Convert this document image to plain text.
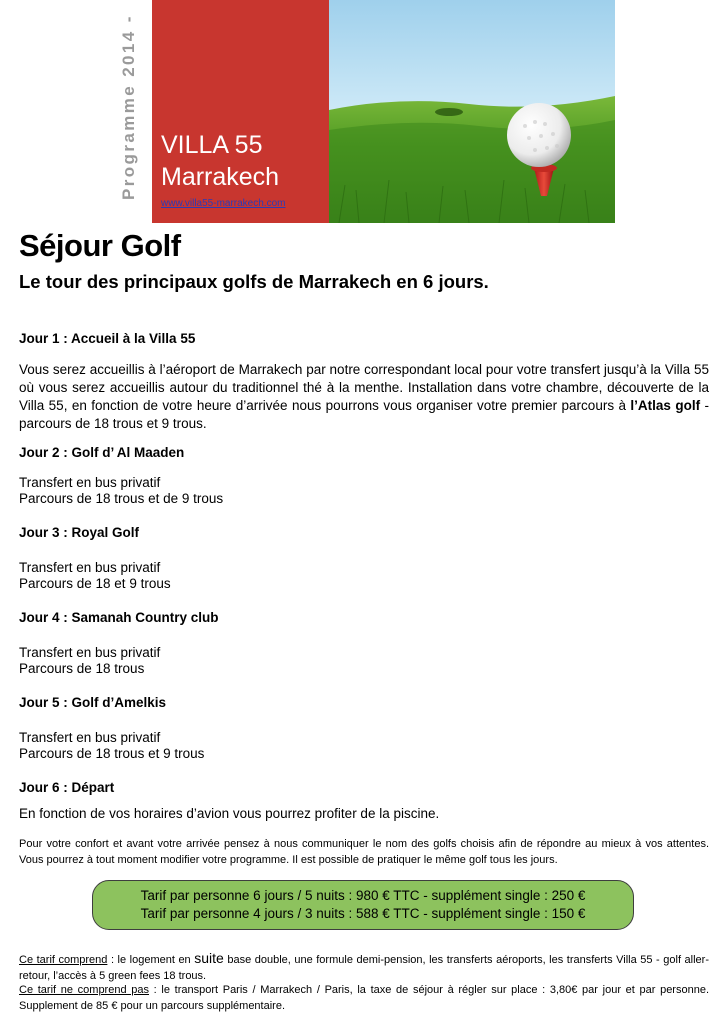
Programme 2014 - VILLA 55
Marrakech
www.villa55-marrakech.com
Séjour Golf
Le tour des principaux golfs de Marrakech en 6 jours.
Jour 1 : Accueil à la Villa 55
Vous serez accueillis à l’aéroport de Marrakech par notre correspondant local pour votre transfert jusqu’à la Villa 55 où vous serez accueillis autour du traditionnel thé à la menthe. Installation dans votre chambre, découverte de la Villa 55, en fonction de votre heure d’arrivée nous pourrons vous organiser votre premier parcours à l’Atlas golf - parcours de 18 trous et 9 trous.
Jour 2 : Golf d’ Al Maaden
Transfert en bus privatif
Parcours de 18 trous et de 9 trous
Jour 3 : Royal Golf
Transfert en bus privatif
Parcours de 18 et 9 trous
Jour 4 : Samanah Country club
Transfert en bus privatif
Parcours de 18 trous
Jour 5 : Golf d’Amelkis
Transfert en bus privatif
Parcours de 18 trous et 9 trous
Jour 6 : Départ
En fonction de vos horaires d’avion vous pourrez profiter de la piscine.
Pour votre confort et avant votre arrivée pensez à nous communiquer le nom des golfs choisis afin de répondre au mieux à vos attentes. Vous pourrez à tout moment modifier votre programme. Il est possible de pratiquer le même golf tous les jours.
Tarif par personne 6 jours / 5 nuits : 980 € TTC - supplément single : 250 €
Tarif par personne 4 jours / 3 nuits : 588 € TTC - supplément single : 150 €
Ce tarif comprend : le logement en suite base double, une formule demi-pension, les transferts aéroports, les transferts Villa 55 - golf aller-retour, l’accès à 5 green fees 18 trous.
Ce tarif ne comprend pas : le transport Paris / Marrakech / Paris, la taxe de séjour à régler sur place : 3,80€ par jour et par personne. Supplement de 85 € pour un parcours supplémentaire.
